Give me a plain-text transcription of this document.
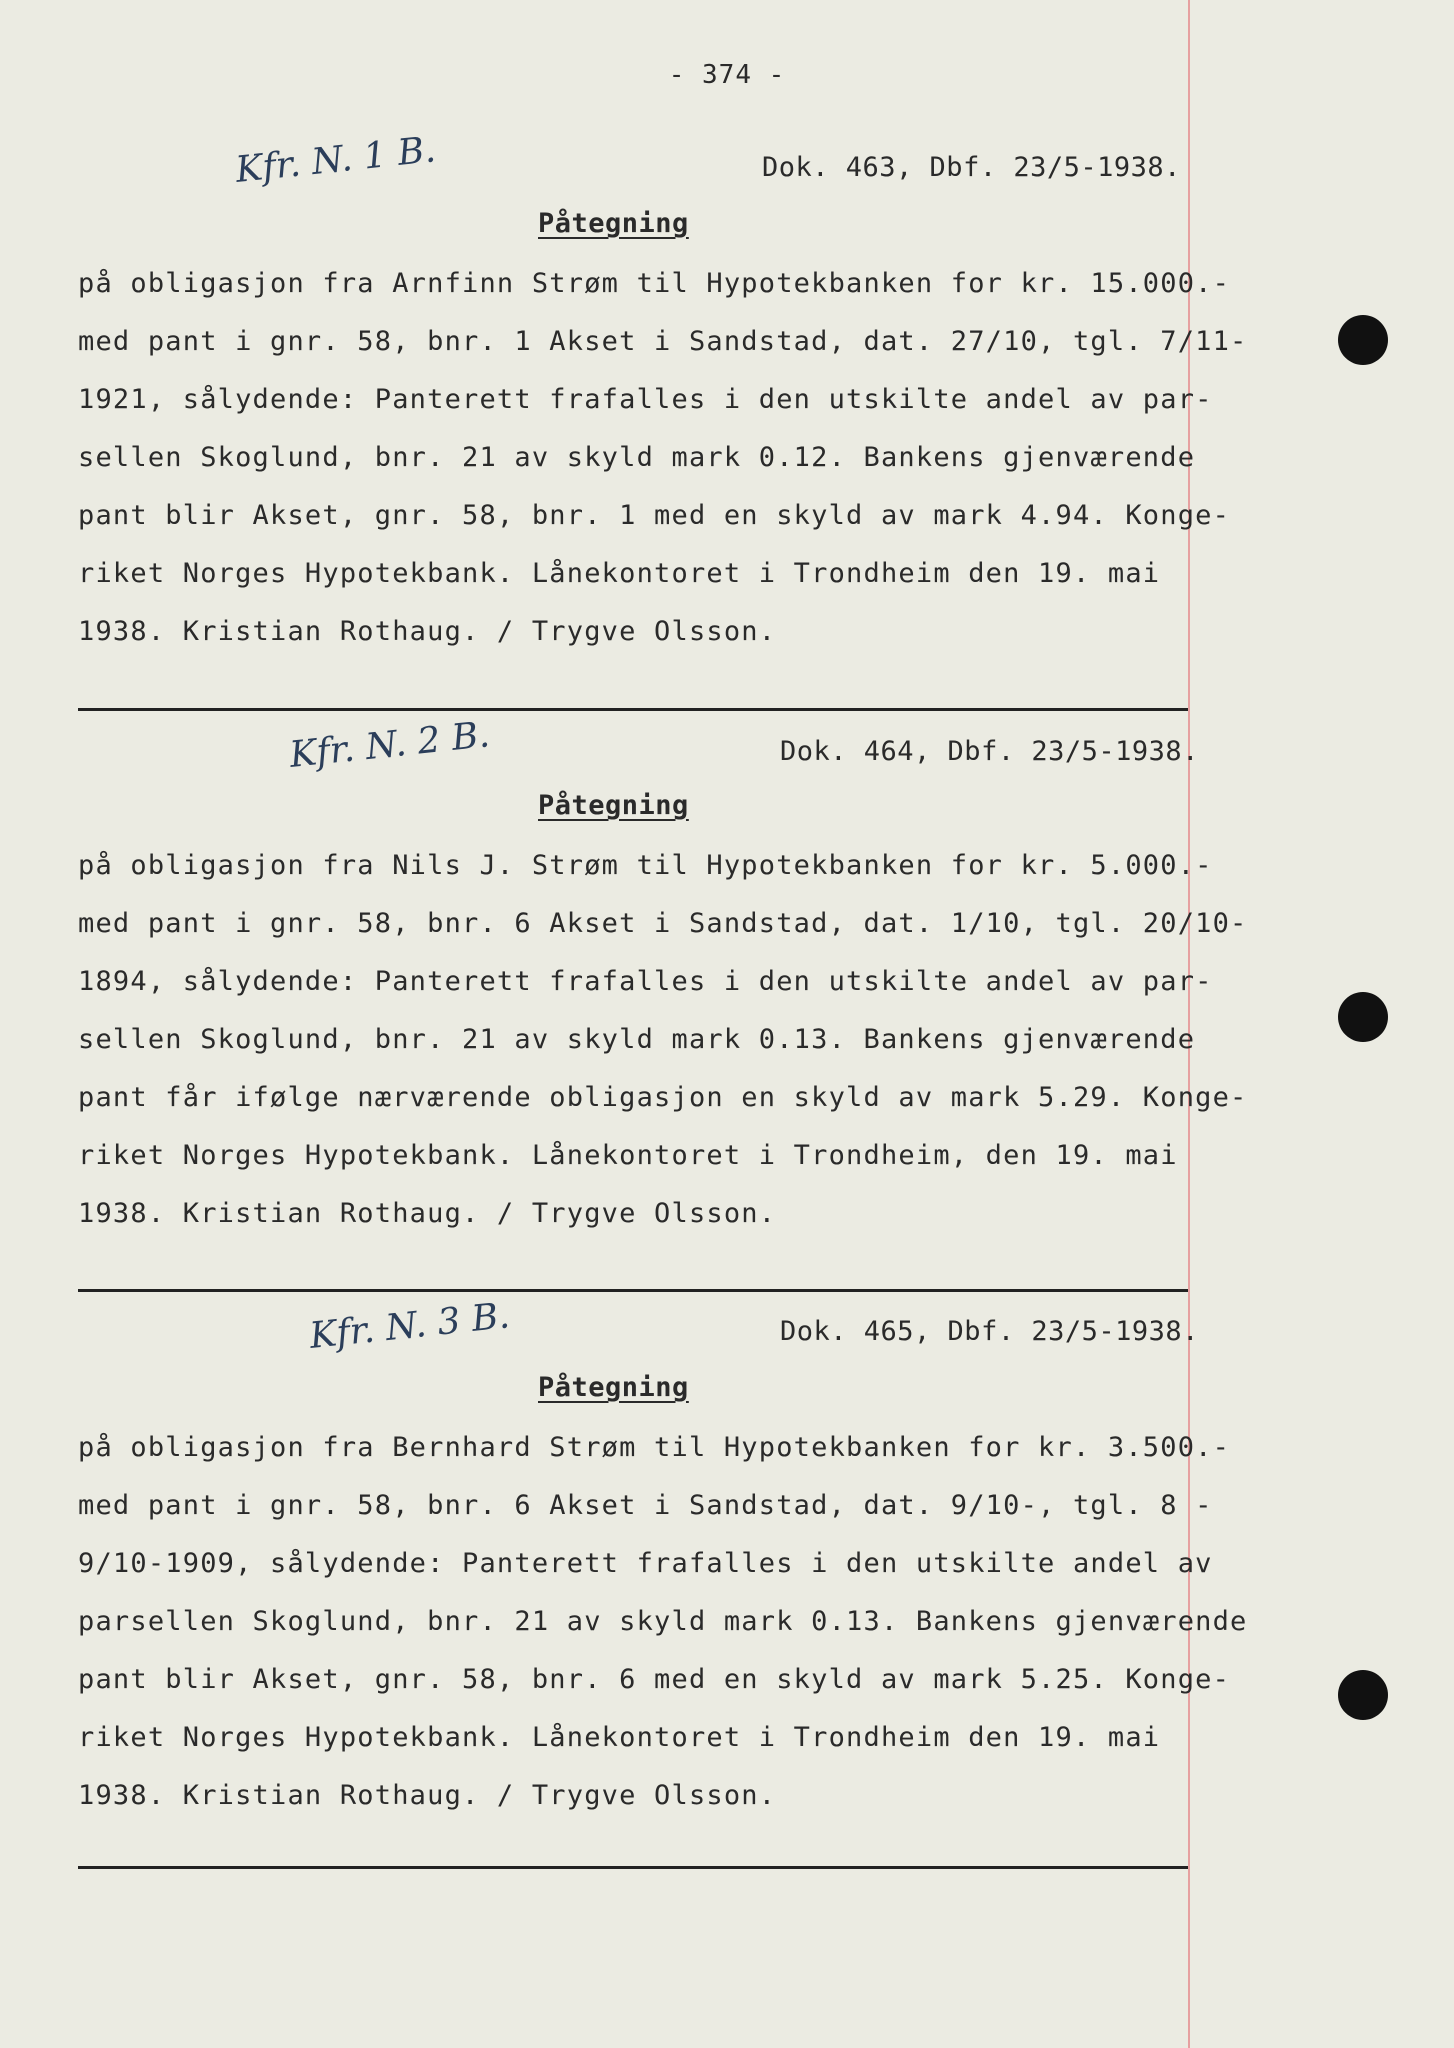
- 374 -
Kfr. N. 1 B.	Dok. 463, Dbf. 23/5-1938.
Påtegning
på obligasjon fra Arnfinn Strøm til Hypotekbanken for kr. 15.000.-
med pant i gnr. 58, bnr. 1 Akset i Sandstad, dat. 27/10, tgl. 7/11-
1921, sålydende: Panterett frafalles i den utskilte andel av par-
sellen Skoglund, bnr. 21 av skyld mark 0.12. Bankens gjenværende
pant blir Akset, gnr. 58, bnr. 1 med en skyld av mark 4.94. Konge-
riket Norges Hypotekbank. Lånekontoret i Trondheim den 19. mai
1938. Kristian Rothaug. / Trygve Olsson.
Kfr. N. 2 B.	Dok. 464, Dbf. 23/5-1938.
Påtegning
på obligasjon fra Nils J. Strøm til Hypotekbanken for kr. 5.000.-
med pant i gnr. 58, bnr. 6 Akset i Sandstad, dat. 1/10, tgl. 20/10-
1894, sålydende: Panterett frafalles i den utskilte andel av par-
sellen Skoglund, bnr. 21 av skyld mark 0.13. Bankens gjenværende
pant får ifølge nærværende obligasjon en skyld av mark 5.29. Konge-
riket Norges Hypotekbank. Lånekontoret i Trondheim, den 19. mai
1938. Kristian Rothaug. / Trygve Olsson.
Kfr. N. 3 B.	Dok. 465, Dbf. 23/5-1938.
Påtegning
på obligasjon fra Bernhard Strøm til Hypotekbanken for kr. 3.500.-
med pant i gnr. 58, bnr. 6 Akset i Sandstad, dat. 9/10-, tgl. 8 -
9/10-1909, sålydende: Panterett frafalles i den utskilte andel av
parsellen Skoglund, bnr. 21 av skyld mark 0.13. Bankens gjenværende
pant blir Akset, gnr. 58, bnr. 6 med en skyld av mark 5.25. Konge-
riket Norges Hypotekbank. Lånekontoret i Trondheim den 19. mai
1938. Kristian Rothaug. / Trygve Olsson.
